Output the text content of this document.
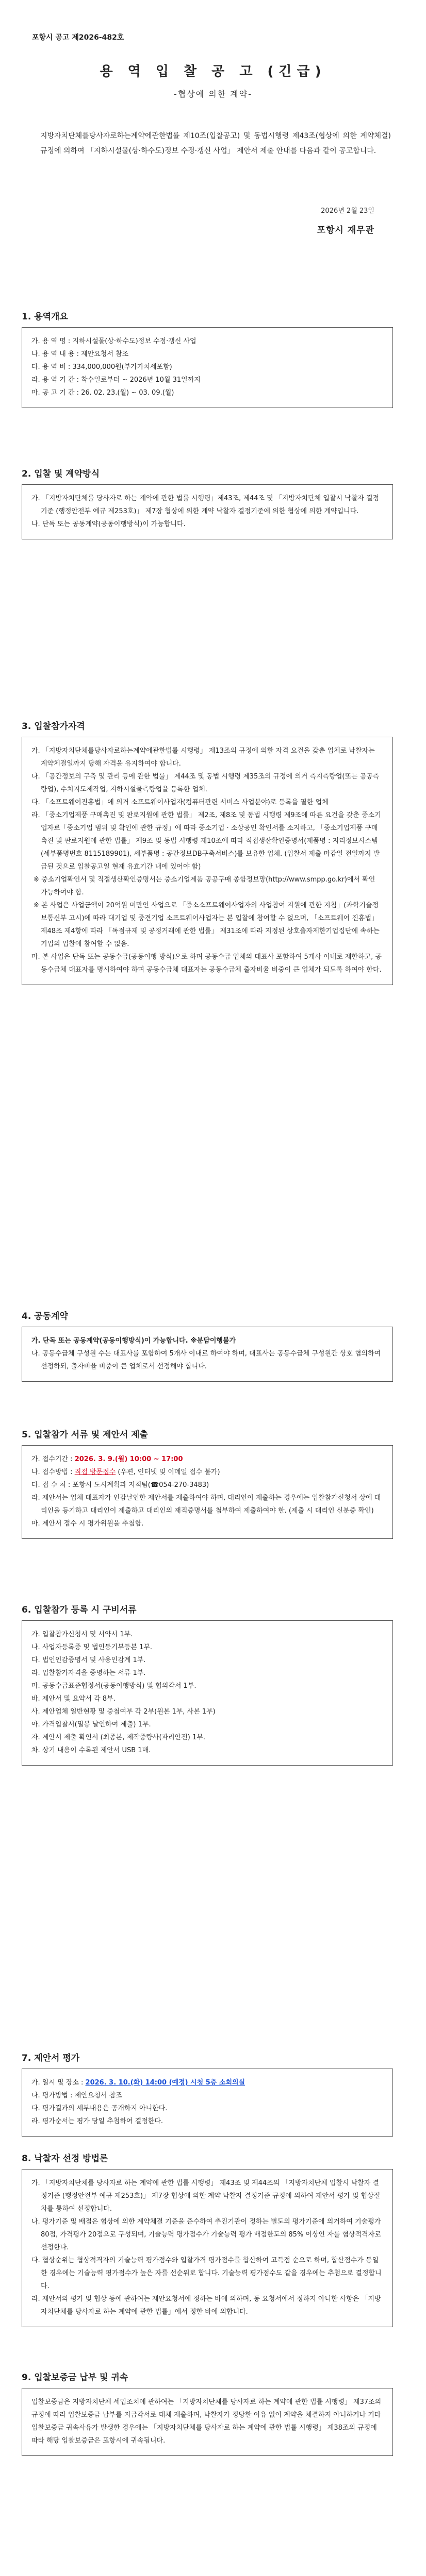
포항시 공고 제2026-482호
용 역 입 찰 공 고 (긴급)
-협상에 의한 계약-
지방자치단체를당사자로하는계약에관한법률 제10조(입찰공고) 및 동법시행령 제43조(협상에 의한 계약체결) 규정에 의하여 「지하시설물(상·하수도)정보 수정·갱신 사업」 제안서 제출 안내를 다음과 같이 공고합니다.
2026년 2월 23일
포항시 재무관
1. 용역개요
가. 용 역 명 : 지하시설물(상·하수도)정보 수정·갱신 사업
나. 용 역 내 용 : 제안요청서 참조
다. 용 역 비 : 334,000,000원(부가가치세포함)
라. 용 역 기 간 : 착수일로부터 ~ 2026년 10월 31일까지
마. 공 고 기 간 : 26. 02. 23.(월) ~ 03. 09.(월)
2. 입찰 및 계약방식
가. 「지방자치단체를 당사자로 하는 계약에 관한 법률 시행령」제43조, 제44조 및 「지방자치단체 입찰시 낙찰자 결정기준 (행정안전부 예규 제253호)」 제7장 협상에 의한 계약 낙찰자 결정기준에 의한 협상에 의한 계약입니다.
나. 단독 또는 공동계약(공동이행방식)이 가능합니다.
3. 입찰참가자격
가. 「지방자치단체를당사자로하는계약에관한법률 시행령」 제13조의 규정에 의한 자격 요건을 갖춘 업체로 낙찰자는 계약체결일까지 당해 자격을 유지하여야 합니다.
나. 「공간정보의 구축 및 관리 등에 관한 법률」 제44조 및 동법 시행령 제35조의 규정에 의거 측지측량업(또는 공공측량업), 수치지도제작업, 지하시설물측량업을 등록한 업체.
다. 「소프트웨어진흥법」에 의거 소프트웨어사업자(컴퓨터관련 서비스 사업분야)로 등록을 필한 업체
라. 「중소기업제품 구매촉진 및 판로지원에 관한 법률」 제2조, 제8조 및 동법 시행령 제9조에 따른 요건을 갖춘 중소기업자로「중소기업 범위 및 확인에 관한 규정」에 따라 중소기업 · 소상공인 확인서를 소지하고, 「중소기업제품 구매촉진 및 판로지원에 관한 법률」 제9조 및 동법 시행령 제10조에 따라 직접생산확인증명서(제품명 : 지리정보시스템(세부품명번호 8115189901), 세부품명 : 공간정보DB구축서비스)를 보유한 업체. (입찰서 제출 마감일 전일까지 발급된 것으로 입찰공고일 현재 유효기간 내에 있어야 함)
※ 중소기업확인서 및 직접생산확인증명서는 중소기업제품 공공구매 종합정보망(http://www.smpp.go.kr)에서 확인 가능하여야 함.
※ 본 사업은 사업금액이 20억원 미만인 사업으로 「중소소프트웨어사업자의 사업참여 지원에 관한 지침」(과학기술정보통신부 고시)에 따라 대기업 및 중견기업 소프트웨어사업자는 본 입찰에 참여할 수 없으며, 「소프트웨어 진흥법」 제48조 제4항에 따라 「독점규제 및 공정거래에 관한 법률」 제31조에 따라 지정된 상호출자제한기업집단에 속하는 기업의 입찰에 참여할 수 없음.
마. 본 사업은 단독 또는 공동수급(공동이행 방식)으로 하며 공동수급 업체의 대표사 포함하여 5개사 이내로 제한하고, 공동수급체 대표자를 명시하여야 하며 공동수급체 대표자는 공동수급체 출자비율 비중이 큰 업체가 되도록 하여야 한다.
4. 공동계약
가. 단독 또는 공동계약(공동이행방식)이 가능합니다. ※분담이행불가
나. 공동수급체 구성원 수는 대표사를 포함하여 5개사 이내로 하여야 하며, 대표사는 공동수급체 구성원간 상호 협의하여 선정하되, 출자비율 비중이 큰 업체로서 선정해야 합니다.
5. 입찰참가 서류 및 제안서 제출
가. 접수기간 : 2026. 3. 9.(월) 10:00 ~ 17:00
나. 접수방법 : 직접 방문접수 (우편, 인터넷 및 이메일 접수 불가)
다. 접 수 처 : 포항시 도시계획과 지적팀(☎054-270-3483)
라. 제안서는 업체 대표자가 인감날인한 제안서를 제출하여야 하며, 대리인이 제출하는 경우에는 입찰참가신청서 상에 대리인을 등기하고 대리인이 제출하고 대리인의 재직증명서를 첨부하여 제출하여야 한. (제출 시 대리인 신분증 확인)
마. 제안서 접수 시 평가위원을 추첨함.
6. 입찰참가 등록 시 구비서류
가. 입찰참가신청서 및 서약서 1부.
나. 사업자등록증 및 법인등기부등본 1부.
다. 법인인감증명서 및 사용인감계 1부.
라. 입찰참가자격을 증명하는 서류 1부.
마. 공동수급표준협정서(공동이행방식) 및 협의각서 1부.
바. 제안서 및 요약서 각 8부.
사. 제안업체 일반현황 및 중첩여부 각 2부(원본 1부, 사본 1부)
아. 가격입찰서(밀봉 날인하여 제출) 1부.
자. 제안서 제출 확인서 (최종본, 제작중량사(파리안전) 1부.
차. 상기 내용이 수록된 제안서 USB 1매.
7. 제안서 평가
가. 일시 및 장소 : 2026. 3. 10.(화) 14:00 (예정) 시청 5층 소회의실
나. 평가방법 : 제안요청서 참조
다. 평가결과의 세부내용은 공개하지 아니한다.
라. 평가순서는 평가 당일 추첨하여 결정한다.
8. 낙찰자 선정 방법론
가. 「지방자치단체를 당사자로 하는 계약에 관한 법률 시행령」 제43조 및 제44조의 「지방자치단체 입찰시 낙찰자 결정기준 (행정안전부 예규 제253호)」 제7장 협상에 의한 계약 낙찰자 결정기준 규정에 의하여 제안서 평가 및 협상절차를 통하여 선정합니다.
나. 평가기준 및 배점은 협상에 의한 계약체결 기준을 준수하여 추진기관이 정하는 별도의 평가기준에 의거하여 기술평가 80점, 가격평가 20점으로 구성되며, 기술능력 평가점수가 기술능력 평가 배점한도의 85% 이상인 자를 협상적격자로 선정한다.
다. 협상순위는 협상적격자의 기술능력 평가점수와 입찰가격 평가점수를 합산하여 고득점 순으로 하며, 합산점수가 동일한 경우에는 기술능력 평가점수가 높은 자를 선순위로 합니다. 기술능력 평가점수도 같을 경우에는 추첨으로 결정합니다.
라. 제안서의 평가 및 협상 등에 관하여는 제안요청서에 정하는 바에 의하며, 동 요청서에서 정하지 아니한 사항은 「지방자치단체를 당사자로 하는 계약에 관한 법률」에서 정한 바에 의합니다.
9. 입찰보증금 납부 및 귀속
입찰보증금은 지방자치단체 세입조치에 관하여는 「지방자치단체를 당사자로 하는 계약에 관한 법률 시행령」 제37조의 규정에 따라 입찰보증금 납부를 지급각서로 대체 제출하며, 낙찰자가 정당한 이유 없이 계약을 체결하지 아니하거나 기타 입찰보증금 귀속사유가 발생한 경우에는 「지방자치단체를 당사자로 하는 계약에 관한 법률 시행령」 제38조의 규정에 따라 해당 입찰보증금은 포항시에 귀속됩니다.
